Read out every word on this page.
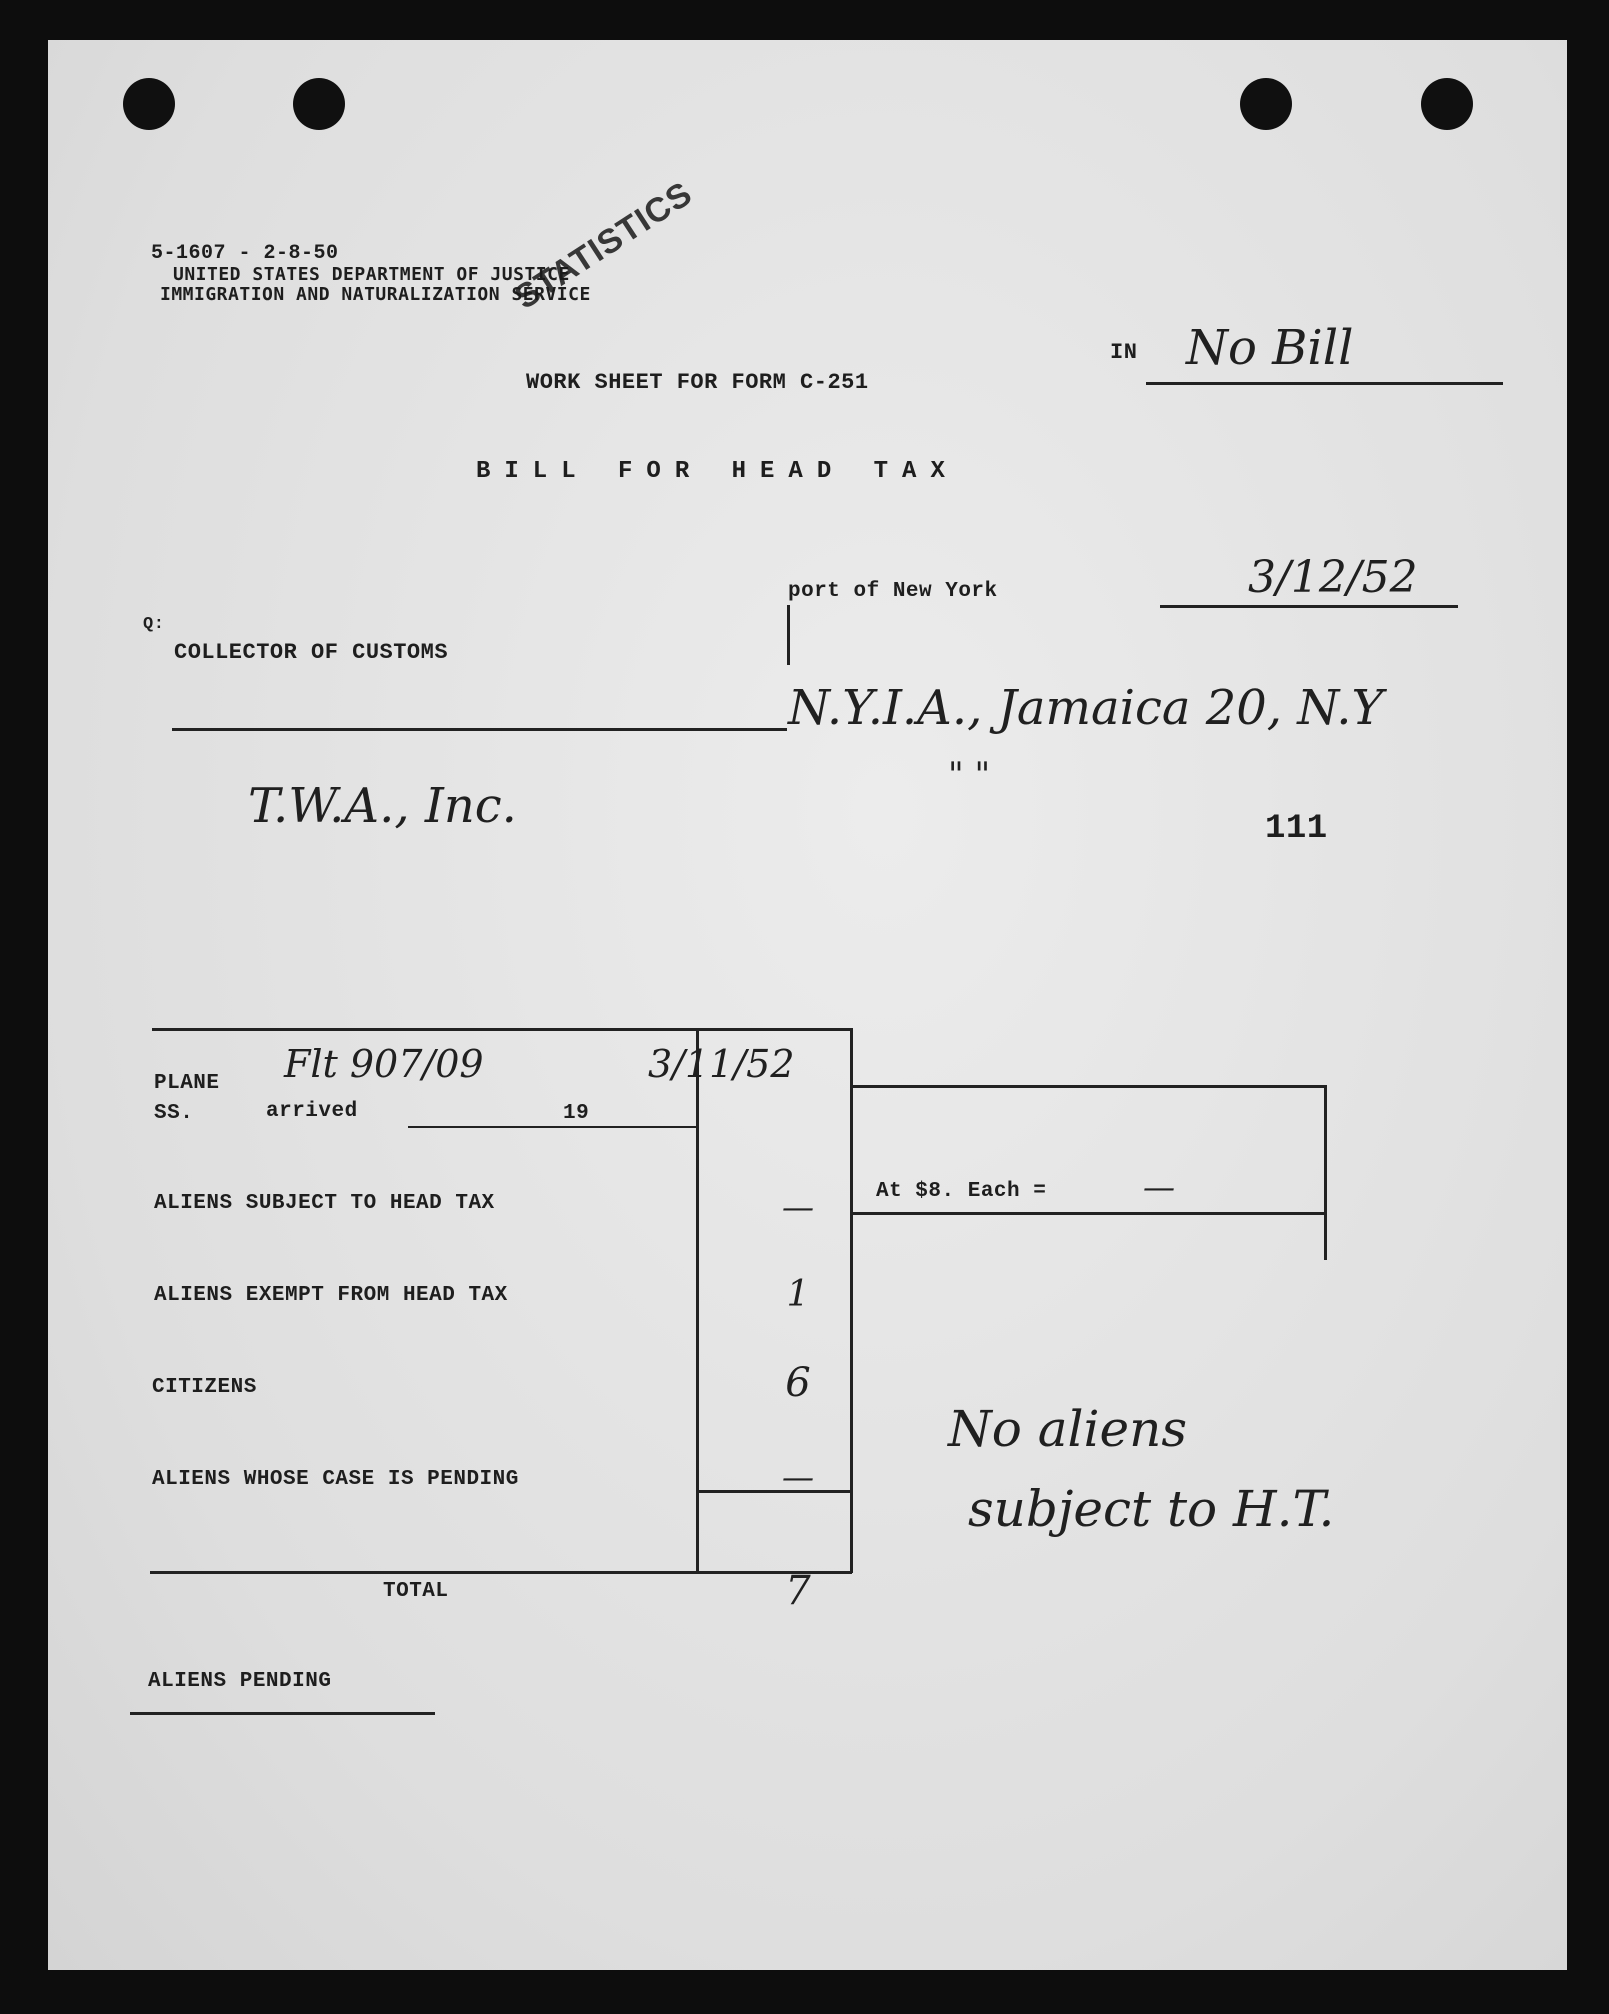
5-1607 - 2-8-50
UNITED STATES DEPARTMENT OF JUSTICE
IMMIGRATION AND NATURALIZATION SERVICE
STATISTICS
IN No Bill
WORK SHEET FOR FORM C-251
BILL FOR HEAD TAX
port of New York	3/12/52
Q:
COLLECTOR OF CUSTOMS
N.Y.I.A., Jamaica 20, N.Y
" "
T.W.A., Inc.	111
PLANE
SS.	arrived	19
Flt 907/09	3/11/52
ALIENS SUBJECT TO HEAD TAX	—
ALIENS EXEMPT FROM HEAD TAX	1
CITIZENS	6
ALIENS WHOSE CASE IS PENDING	—
TOTAL	7
At $8. Each =	—
No aliens
subject to H.T.
ALIENS PENDING
